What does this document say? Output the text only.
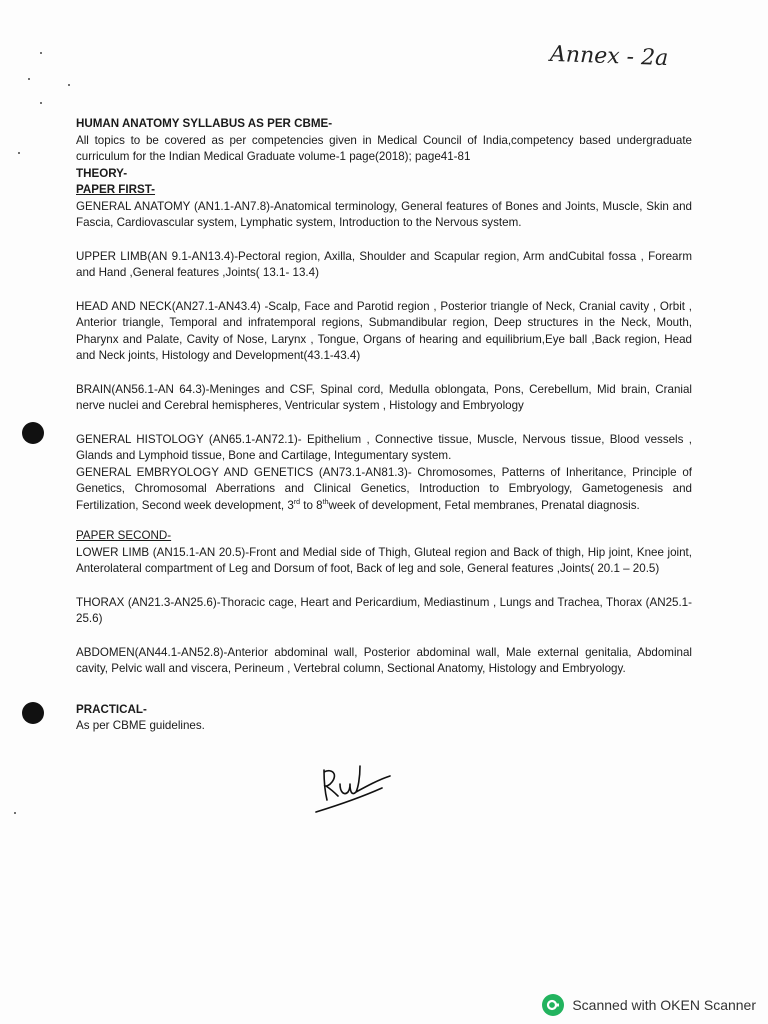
Annex - 2a

HUMAN ANATOMY SYLLABUS AS PER CBME-

All topics to be covered as per competencies given in Medical Council of India,competency based undergraduate curriculum for the Indian Medical Graduate volume-1 page(2018); page41-81

THEORY-

PAPER FIRST-

GENERAL ANATOMY (AN1.1-AN7.8)-Anatomical terminology, General features of Bones and Joints, Muscle, Skin and Fascia, Cardiovascular system, Lymphatic system, Introduction to the Nervous system.

UPPER LIMB(AN 9.1-AN13.4)-Pectoral region, Axilla, Shoulder and Scapular region, Arm andCubital fossa , Forearm and Hand ,General features ,Joints( 13.1- 13.4)

HEAD AND NECK(AN27.1-AN43.4) -Scalp, Face and Parotid region , Posterior triangle of Neck, Cranial cavity , Orbit , Anterior triangle, Temporal and infratemporal regions, Submandibular region, Deep structures in the Neck, Mouth, Pharynx and Palate, Cavity of Nose, Larynx , Tongue, Organs of hearing and equilibrium,Eye ball ,Back region, Head and Neck joints, Histology and Development(43.1-43.4)

BRAIN(AN56.1-AN 64.3)-Meninges and CSF, Spinal cord, Medulla oblongata, Pons, Cerebellum, Mid brain, Cranial nerve nuclei and Cerebral hemispheres, Ventricular system , Histology and Embryology

GENERAL HISTOLOGY (AN65.1-AN72.1)- Epithelium , Connective tissue, Muscle, Nervous tissue, Blood vessels , Glands and Lymphoid tissue, Bone and Cartilage, Integumentary system.

GENERAL EMBRYOLOGY AND GENETICS (AN73.1-AN81.3)- Chromosomes, Patterns of Inheritance, Principle of Genetics, Chromosomal Aberrations and Clinical Genetics, Introduction to Embryology, Gametogenesis and Fertilization, Second week development, 3rd to 8thweek of development, Fetal membranes, Prenatal diagnosis.

PAPER SECOND-

LOWER LIMB (AN15.1-AN 20.5)-Front and Medial side of Thigh, Gluteal region and Back of thigh, Hip joint, Knee joint, Anterolateral compartment of Leg and Dorsum of foot, Back of leg and sole, General features ,Joints( 20.1 – 20.5)

THORAX (AN21.3-AN25.6)-Thoracic cage, Heart and Pericardium, Mediastinum , Lungs and Trachea, Thorax (AN25.1-25.6)

ABDOMEN(AN44.1-AN52.8)-Anterior abdominal wall, Posterior abdominal wall, Male external genitalia, Abdominal cavity, Pelvic wall and viscera, Perineum , Vertebral column, Sectional Anatomy, Histology and Embryology.

PRACTICAL-

As per CBME guidelines.

Scanned with OKEN Scanner
